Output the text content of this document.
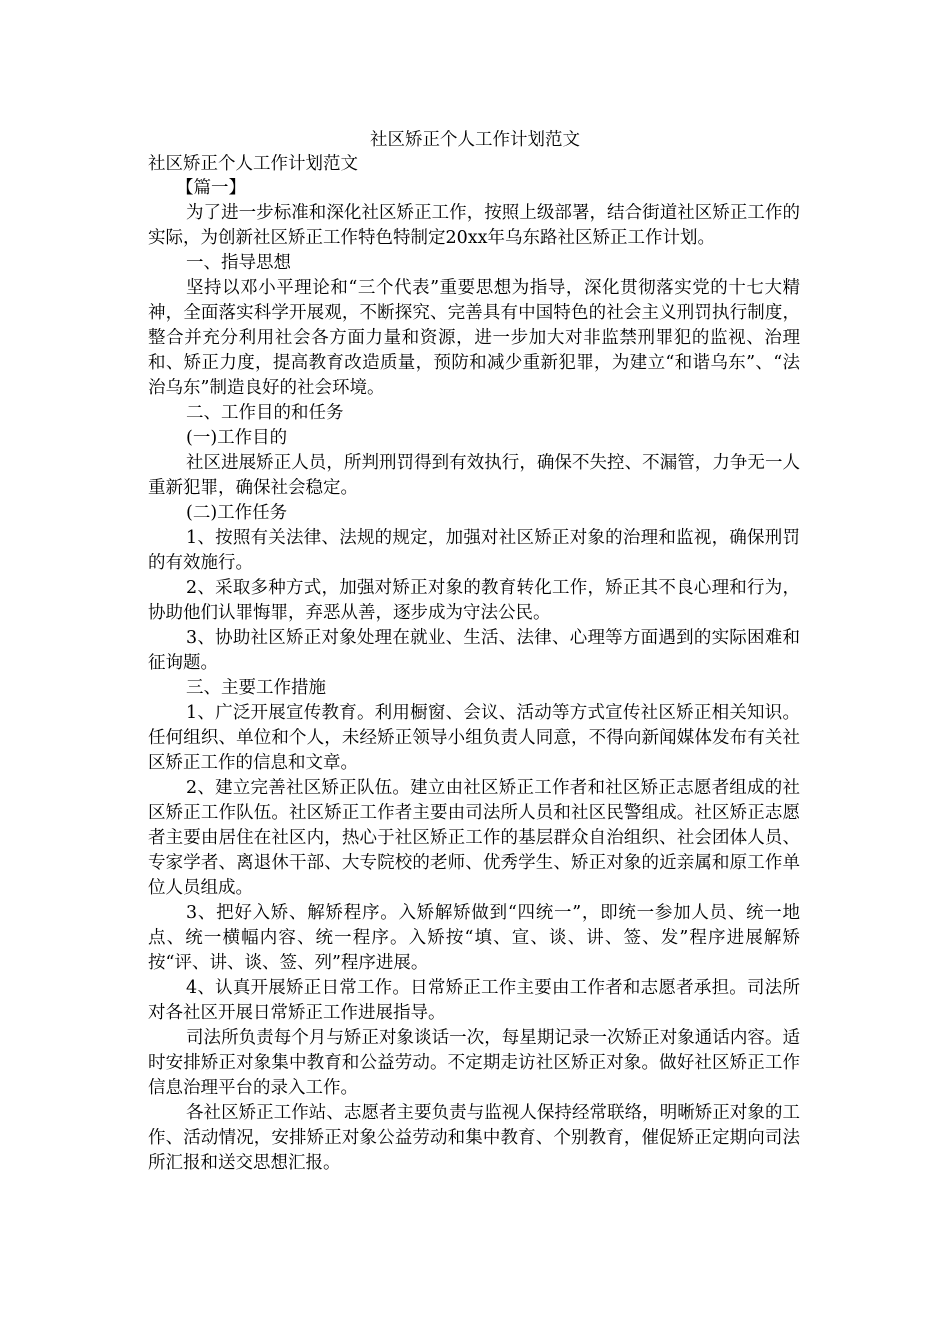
社区矫正个人工作计划范文

社区矫正个人工作计划范文

【篇一】

为了进一步标准和深化社区矫正工作，按照上级部署，结合街道社区矫正工作的实际，为创新社区矫正工作特色特制定20xx年乌东路社区矫正工作计划。

一、指导思想

坚持以邓小平理论和“三个代表”重要思想为指导，深化贯彻落实党的十七大精神，全面落实科学开展观，不断探究、完善具有中国特色的社会主义刑罚执行制度，整合并充分利用社会各方面力量和资源，进一步加大对非监禁刑罪犯的监视、治理和、矫正力度，提高教育改造质量，预防和减少重新犯罪，为建立“和谐乌东”、“法治乌东”制造良好的社会环境。

二、工作目的和任务

(一)工作目的

社区进展矫正人员，所判刑罚得到有效执行，确保不失控、不漏管，力争无一人重新犯罪，确保社会稳定。

(二)工作任务

1、按照有关法律、法规的规定，加强对社区矫正对象的治理和监视，确保刑罚的有效施行。

2、采取多种方式，加强对矫正对象的教育转化工作，矫正其不良心理和行为，协助他们认罪悔罪，弃恶从善，逐步成为守法公民。

3、协助社区矫正对象处理在就业、生活、法律、心理等方面遇到的实际困难和征询题。

三、主要工作措施

1、广泛开展宣传教育。利用橱窗、会议、活动等方式宣传社区矫正相关知识。任何组织、单位和个人，未经矫正领导小组负责人同意，不得向新闻媒体发布有关社区矫正工作的信息和文章。

2、建立完善社区矫正队伍。建立由社区矫正工作者和社区矫正志愿者组成的社区矫正工作队伍。社区矫正工作者主要由司法所人员和社区民警组成。社区矫正志愿者主要由居住在社区内，热心于社区矫正工作的基层群众自治组织、社会团体人员、专家学者、离退休干部、大专院校的老师、优秀学生、矫正对象的近亲属和原工作单位人员组成。

3、把好入矫、解矫程序。入矫解矫做到“四统一”，即统一参加人员、统一地点、统一横幅内容、统一程序。入矫按“填、宣、谈、讲、签、发”程序进展解矫按“评、讲、谈、签、列”程序进展。

4、认真开展矫正日常工作。日常矫正工作主要由工作者和志愿者承担。司法所对各社区开展日常矫正工作进展指导。

司法所负责每个月与矫正对象谈话一次，每星期记录一次矫正对象通话内容。适时安排矫正对象集中教育和公益劳动。不定期走访社区矫正对象。做好社区矫正工作信息治理平台的录入工作。

各社区矫正工作站、志愿者主要负责与监视人保持经常联络，明晰矫正对象的工作、活动情况，安排矫正对象公益劳动和集中教育、个别教育，催促矫正定期向司法所汇报和送交思想汇报。
